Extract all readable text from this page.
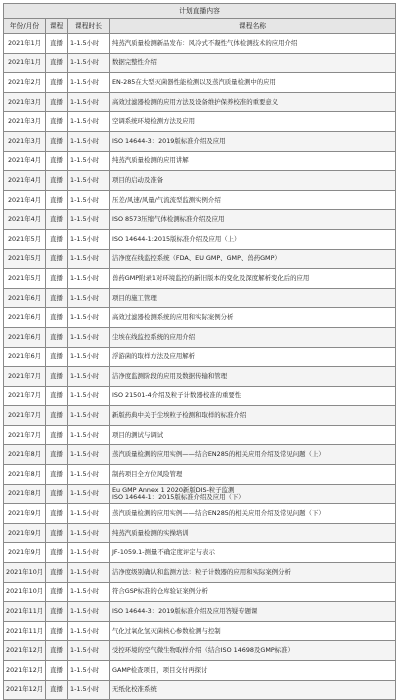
计划直播内容			
年份/月份	课程	课程时长	课程名称
2021年1月	直播	1-1.5小时	纯蒸汽质量检测新品发布：风冷式不凝性气体检测技术的应用介绍
2021年1月	直播	1-1.5小时	数据完整性介绍
2021年2月	直播	1-1.5小时	EN-285在大型灭菌器性能检测以及蒸汽质量检测中的应用
2021年3月	直播	1-1.5小时	高效过滤器检测的应用方法及设备维护保养校准的重要意义
2021年3月	直播	1-1.5小时	空调系统环境检测方法及应用
2021年3月	直播	1-1.5小时	ISO 14644-3：2019版标准介绍及应用
2021年4月	直播	1-1.5小时	纯蒸汽质量检测的应用讲解
2021年4月	直播	1-1.5小时	项目的启动及准备
2021年4月	直播	1-1.5小时	压差/风速/风量/气流流型监测实例介绍
2021年4月	直播	1-1.5小时	ISO 8573压缩气体检测标准介绍及应用
2021年5月	直播	1-1.5小时	ISO 14644-1:2015版标准介绍及应用（上）
2021年5月	直播	1-1.5小时	洁净度在线监控系统（FDA、EU GMP、GMP、兽药GMP）
2021年5月	直播	1-1.5小时	兽药GMP附录1对环境监控的新旧版本的变化及深度解析变化后的应用
2021年6月	直播	1-1.5小时	项目的施工管理
2021年6月	直播	1-1.5小时	高效过滤器检测系统的应用和实际案例分析
2021年6月	直播	1-1.5小时	尘埃在线监控系统的应用介绍
2021年6月	直播	1-1.5小时	浮游菌的取样方法及应用解析
2021年7月	直播	1-1.5小时	洁净度监测阶段的应用及数据传输和管理
2021年7月	直播	1-1.5小时	ISO 21501-4介绍及粒子计数器校准的重要性
2021年7月	直播	1-1.5小时	新版药典中关于尘埃粒子检测和取样的标准介绍
2021年7月	直播	1-1.5小时	项目的测试与调试
2021年8月	直播	1-1.5小时	蒸汽质量检测的应用实例——结合EN285的相关应用介绍及常见问题（上）
2021年8月	直播	1-1.5小时	制药项目全方位风险管理
2021年8月	直播	1-1.5小时	Eu GMP Annex 1 2020新版DIS-粒子监测
ISO 14644-1：2015版标准介绍及应用（下）
2021年9月	直播	1-1.5小时	蒸汽质量检测的应用实例——结合EN285的相关应用介绍及常见问题（下）
2021年9月	直播	1-1.5小时	纯蒸汽质量检测的实操培训
2021年9月	直播	1-1.5小时	JF-1059.1-测量不确定度评定与表示
2021年10月	直播	1-1.5小时	洁净度级别确认和监测方法：粒子计数器的应用和实际案例分析
2021年10月	直播	1-1.5小时	符合GSP标准的仓库验证案例分析
2021年11月	直播	1-1.5小时	ISO 14644-3：2019版标准介绍及应用答疑专题课
2021年11月	直播	1-1.5小时	气化过氧化氢灭菌核心参数检测与控制
2021年12月	直播	1-1.5小时	受控环境的空气微生物取样介绍（结合ISO 14698及GMP标准）
2021年12月	直播	1-1.5小时	GAMP检查项目，项目交付再探讨
2021年12月	直播	1-1.5小时	无纸化校准系统
